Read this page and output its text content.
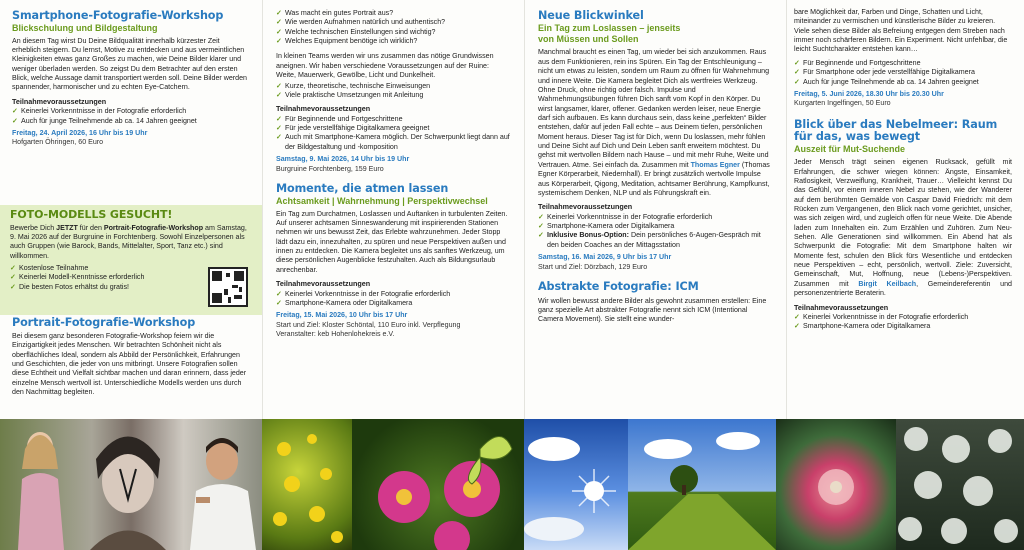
Smartphone-Fotografie-Workshop
Blickschulung und Bildgestaltung

An diesem Tag wirst Du Deine Bildqualität innerhalb kürzester Zeit erheblich steigern. Du lernst, Motive zu entdecken und aus vermeintlichen Kleinigkeiten etwas ganz Großes zu machen, wie Deine Bilder klarer und weniger überladen werden. So zeigst Du dem Betrachter auf den ersten Blick, welche Aussage damit transportiert werden soll. Deine Bilder werden spannender, harmonischer und zu echten Eye-Catchern.

Teilnahmevoraussetzungen
✓ Keinerlei Vorkenntnisse in der Fotografie erforderlich
✓ Auch für junge Teilnehmende ab ca. 14 Jahren geeignet
Freitag, 24. April 2026, 16 Uhr bis 19 Uhr
Hofgarten Öhringen, 60 Euro
FOTO-MODELLS GESUCHT!

Bewerbe Dich JETZT für den Portrait-Fotografie-Workshop am Samstag, 9. Mai 2026 auf der Burgruine in Forchtenberg. Sowohl Einzelpersonen als auch Gruppen (wie Barock, Bands, Mittelalter, Sport, Tanz etc.) sind willkommen.

✓ Kostenlose Teilnahme
✓ Keinerlei Modell-Kenntnisse erforderlich
✓ Die besten Fotos erhältst du gratis!
Portrait-Fotografie-Workshop

Bei diesem ganz besonderen Fotografie-Workshop feiern wir die Einzigartigkeit jedes Menschen. Wir betrachten Schönheit nicht als oberflächliches Ideal, sondern als Abbild der Persönlichkeit, Erfahrungen und Geschichten, die jeder von uns mitbringt. Unsere Fotografien sollen diese Echtheit und Vielfalt sichtbar machen und daran erinnern, dass jeder einzelne Mensch wertvoll ist. Unterschiedliche Modells werden uns durch den Nachmittag begleiten.

✓ Was macht ein gutes Portrait aus?
✓ Wie werden Aufnahmen natürlich und authentisch?
✓ Welche technischen Einstellungen sind wichtig?
✓ Welches Equipment benötige ich wirklich?

In kleinen Teams werden wir uns zusammen das nötige Grundwissen aneignen. Wir haben verschiedene Voraussetzungen auf der Ruine: Weite, Mauerwerk, Gewölbe, Licht und Dunkelheit.

✓ Kurze, theoretische, technische Einweisungen
✓ Viele praktische Umsetzungen mit Anleitung
Teilnahmevoraussetzungen
✓ Für Beginnende und Fortgeschrittene
✓ Für jede verstellfähige Digitalkamera geeignet
✓ Auch mit Smartphone-Kamera möglich. Der Schwerpunkt liegt dann auf der Bildgestaltung und -komposition
Samstag, 9. Mai 2026, 14 Uhr bis 19 Uhr
Burgruine Forchtenberg, 159 Euro
Momente, die atmen lassen
Achtsamkeit | Wahrnehmung | Perspektivwechsel

Ein Tag zum Durchatmen, Loslassen und Auftanken in turbulenten Zeiten. Auf unserer achtsamen Sinneswanderung mit inspirierenden Stationen nehmen wir uns bewusst Zeit, das Erlebte wahrzunehmen. Jeder Stopp lädt dazu ein, innezuhalten, zu spüren und neue Perspektiven außen und innen zu entdecken. Die Kamera begleitet uns als sanftes Werkzeug, um diese persönlichen Augenblicke festzuhalten. Auch als Bildungsurlaub anrechenbar.

Teilnahmevoraussetzungen
✓ Keinerlei Vorkenntnisse in der Fotografie erforderlich
✓ Smartphone-Kamera oder Digitalkamera
Freitag, 15. Mai 2026, 10 Uhr bis 17 Uhr
Start und Ziel: Kloster Schöntal, 110 Euro inkl. Verpflegung
Veranstalter: keb Hohenlohekreis e.V.
Neue Blickwinkel
Ein Tag zum Loslassen – jenseits von Müssen und Sollen

Manchmal braucht es einen Tag, um wieder bei sich anzukommen. Raus aus dem Funktionieren, rein ins Spüren. Ein Tag der Entschleunigung – nicht um etwas zu leisten, sondern um Raum zu öffnen für Wahrnehmung und innere Weite. Die Kamera begleitet Dich als wertfreies Werkzeug. Ohne Druck, ohne richtig oder falsch. Impulse und Wahrnehmungsübungen führen Dich sanft vom Kopf in den Körper. Du wirst langsamer, klarer, offener. Gedanken werden leiser, neue Energie darf sich aufbauen. Es kann durchaus sein, dass keine „perfekten“ Bilder entstehen, dafür auf jeden Fall echte – aus Deinem tiefen, persönlichen Moment heraus. Dieser Tag ist für Dich, wenn Du loslassen, mehr fühlen und Deine Sicht auf Dich und Dein Leben sanft erweitern möchtest. Du gehst mit wertvollen Bildern nach Hause – und mit mehr Ruhe, Weite und Vertrauen. Atme. Sei einfach da. Zusammen mit Thomas Egner (Thomas Egner Körperarbeit, Niedernhall). Er bringt zusätzlich wertvolle Impulse aus Körperarbeit, Qigong, Meditation, achtsamer Berührung, Kampfkunst, systemischem Denken, NLP und als Führungskraft ein.

Teilnahmevoraussetzungen
✓ Keinerlei Vorkenntnisse in der Fotografie erforderlich
✓ Smartphone-Kamera oder Digitalkamera
✓ Inklusive Bonus-Option: Dein persönliches 6-Augen-Gespräch mit den beiden Coaches an der Mittagsstation
Samstag, 16. Mai 2026, 9 Uhr bis 17 Uhr
Start und Ziel: Dörzbach, 129 Euro
Abstrakte Fotografie: ICM

Wir wollen bewusst andere Bilder als gewohnt zusammen erstellen: Eine ganz spezielle Art abstrakter Fotografie nennt sich ICM (Intentional Camera Movement). Sie stellt eine wunder-

bare Möglichkeit dar, Farben und Dinge, Schatten und Licht, miteinander zu vermischen und künstlerische Bilder zu kreieren. Viele sehen diese Bilder als Befreiung entgegen dem Streben nach immer noch schärferen Bildern. Ein Experiment. Nicht unfehlbar, die leicht Suchtcharakter entstehen kann…

✓ Für Beginnende und Fortgeschrittene
✓ Für Smartphone oder jede verstellfähige Digitalkamera
✓ Auch für junge Teilnehmende ab ca. 14 Jahren geeignet
Freitag, 5. Juni 2026, 18.30 Uhr bis 20.30 Uhr
Kurgarten Ingelfingen, 50 Euro
Blick über das Nebelmeer: Raum für das, was bewegt
Auszeit für Mut-Suchende

Jeder Mensch trägt seinen eigenen Rucksack, gefüllt mit Erfahrungen, die schwer wiegen können: Ängste, Einsamkeit, Ratlosigkeit, Verzweiflung, Krankheit, Trauer… Vielleicht kennst Du das Gefühl, vor einem inneren Nebel zu stehen, wie der Wanderer auf dem berühmten Gemälde von Caspar David Friedrich: mit dem Rücken zum Vergangenen, den Blick nach vorne gerichtet, unsicher, was sich zeigen wird, und zugleich offen für neue Weite. Die Abende laden zum Innehalten ein. Zum Erzählen und Zuhören. Zum Neu-Sehen. Alle Generationen sind willkommen. Ein Abend hat als Schwerpunkt die Fotografie: Mit dem Smartphone halten wir Momente fest, schulen den Blick fürs Wesentliche und entdecken neue Perspektiven – echt, persönlich, wertvoll. Ziele: Zuversicht, Gemeinschaft, Mut, Hoffnung, neue (Lebens-)Perspektiven. Zusammen mit Birgit Keilbach, Gemeindereferentin und personenzentrierte Beraterin.

Teilnahmevoraussetzungen
✓ Keinerlei Vorkenntnisse in der Fotografie erforderlich
✓ Smartphone-Kamera oder Digitalkamera
